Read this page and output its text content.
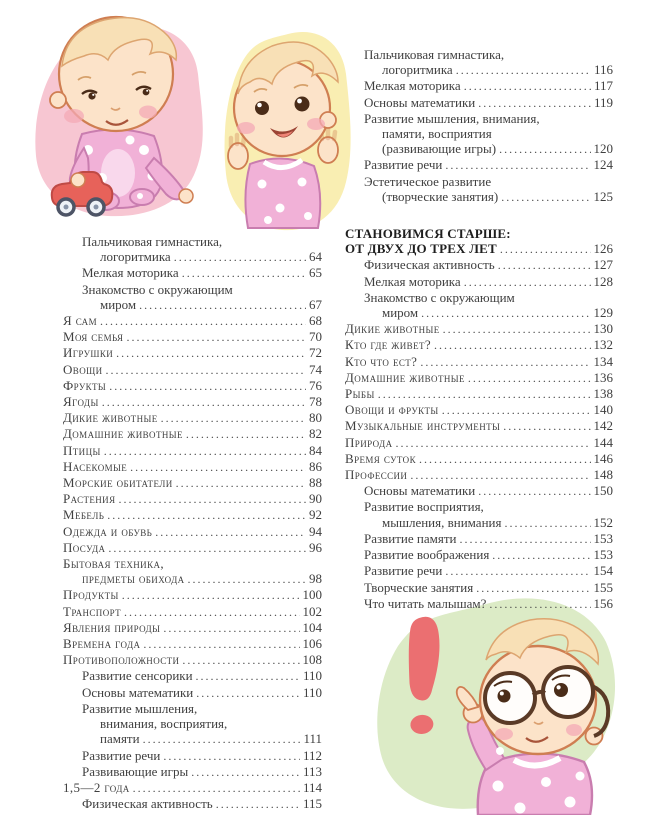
Пальчиковая гимнастика,
логоритмика .....	64
Мелкая моторика .....	65
Знакомство с окружающим
миром .....	67
Я сам .....	68
Моя семья .....	70
Игрушки .....	72
Овощи .....	74
Фрукты .....	76
Ягоды .....	78
Дикие животные .....	80
Домашние животные .....	82
Птицы .....	84
Насекомые .....	86
Морские обитатели .....	88
Растения .....	90
Мебель .....	92
Одежда и обувь .....	94
Посуда .....	96
Бытовая техника,
предметы обихода .....	98
Продукты .....	100
Транспорт .....	102
Явления природы .....	104
Времена года .....	106
Противоположности .....	108
Развитие сенсорики .....	110
Основы математики .....	110
Развитие мышления,
внимания, восприятия,
памяти .....	111
Развитие речи .....	112
Развивающие игры .....	113
1,5—2 года .....	114
Физическая активность .....	115
Пальчиковая гимнастика,
логоритмика .....	116
Мелкая моторика .....	117
Основы математики .....	119
Развитие мышления, внимания,
памяти, восприятия
(развивающие игры) .....	120
Развитие речи .....	124
Эстетическое развитие
(творческие занятия) .....	125
СТАНОВИМСЯ СТАРШЕ:
ОТ ДВУХ ДО ТРЕХ ЛЕТ .....	126
Физическая активность .....	127
Мелкая моторика .....	128
Знакомство с окружающим
миром .....	129
Дикие животные .....	130
Кто где живет? .....	132
Кто что ест? .....	134
Домашние животные .....	136
Рыбы .....	138
Овощи и фрукты .....	140
Музыкальные инструменты .....	142
Природа .....	144
Время суток .....	146
Профессии .....	148
Основы математики .....	150
Развитие восприятия,
мышления, внимания .....	152
Развитие памяти .....	153
Развитие воображения .....	153
Развитие речи .....	154
Творческие занятия .....	155
Что читать малышам? .....	156
